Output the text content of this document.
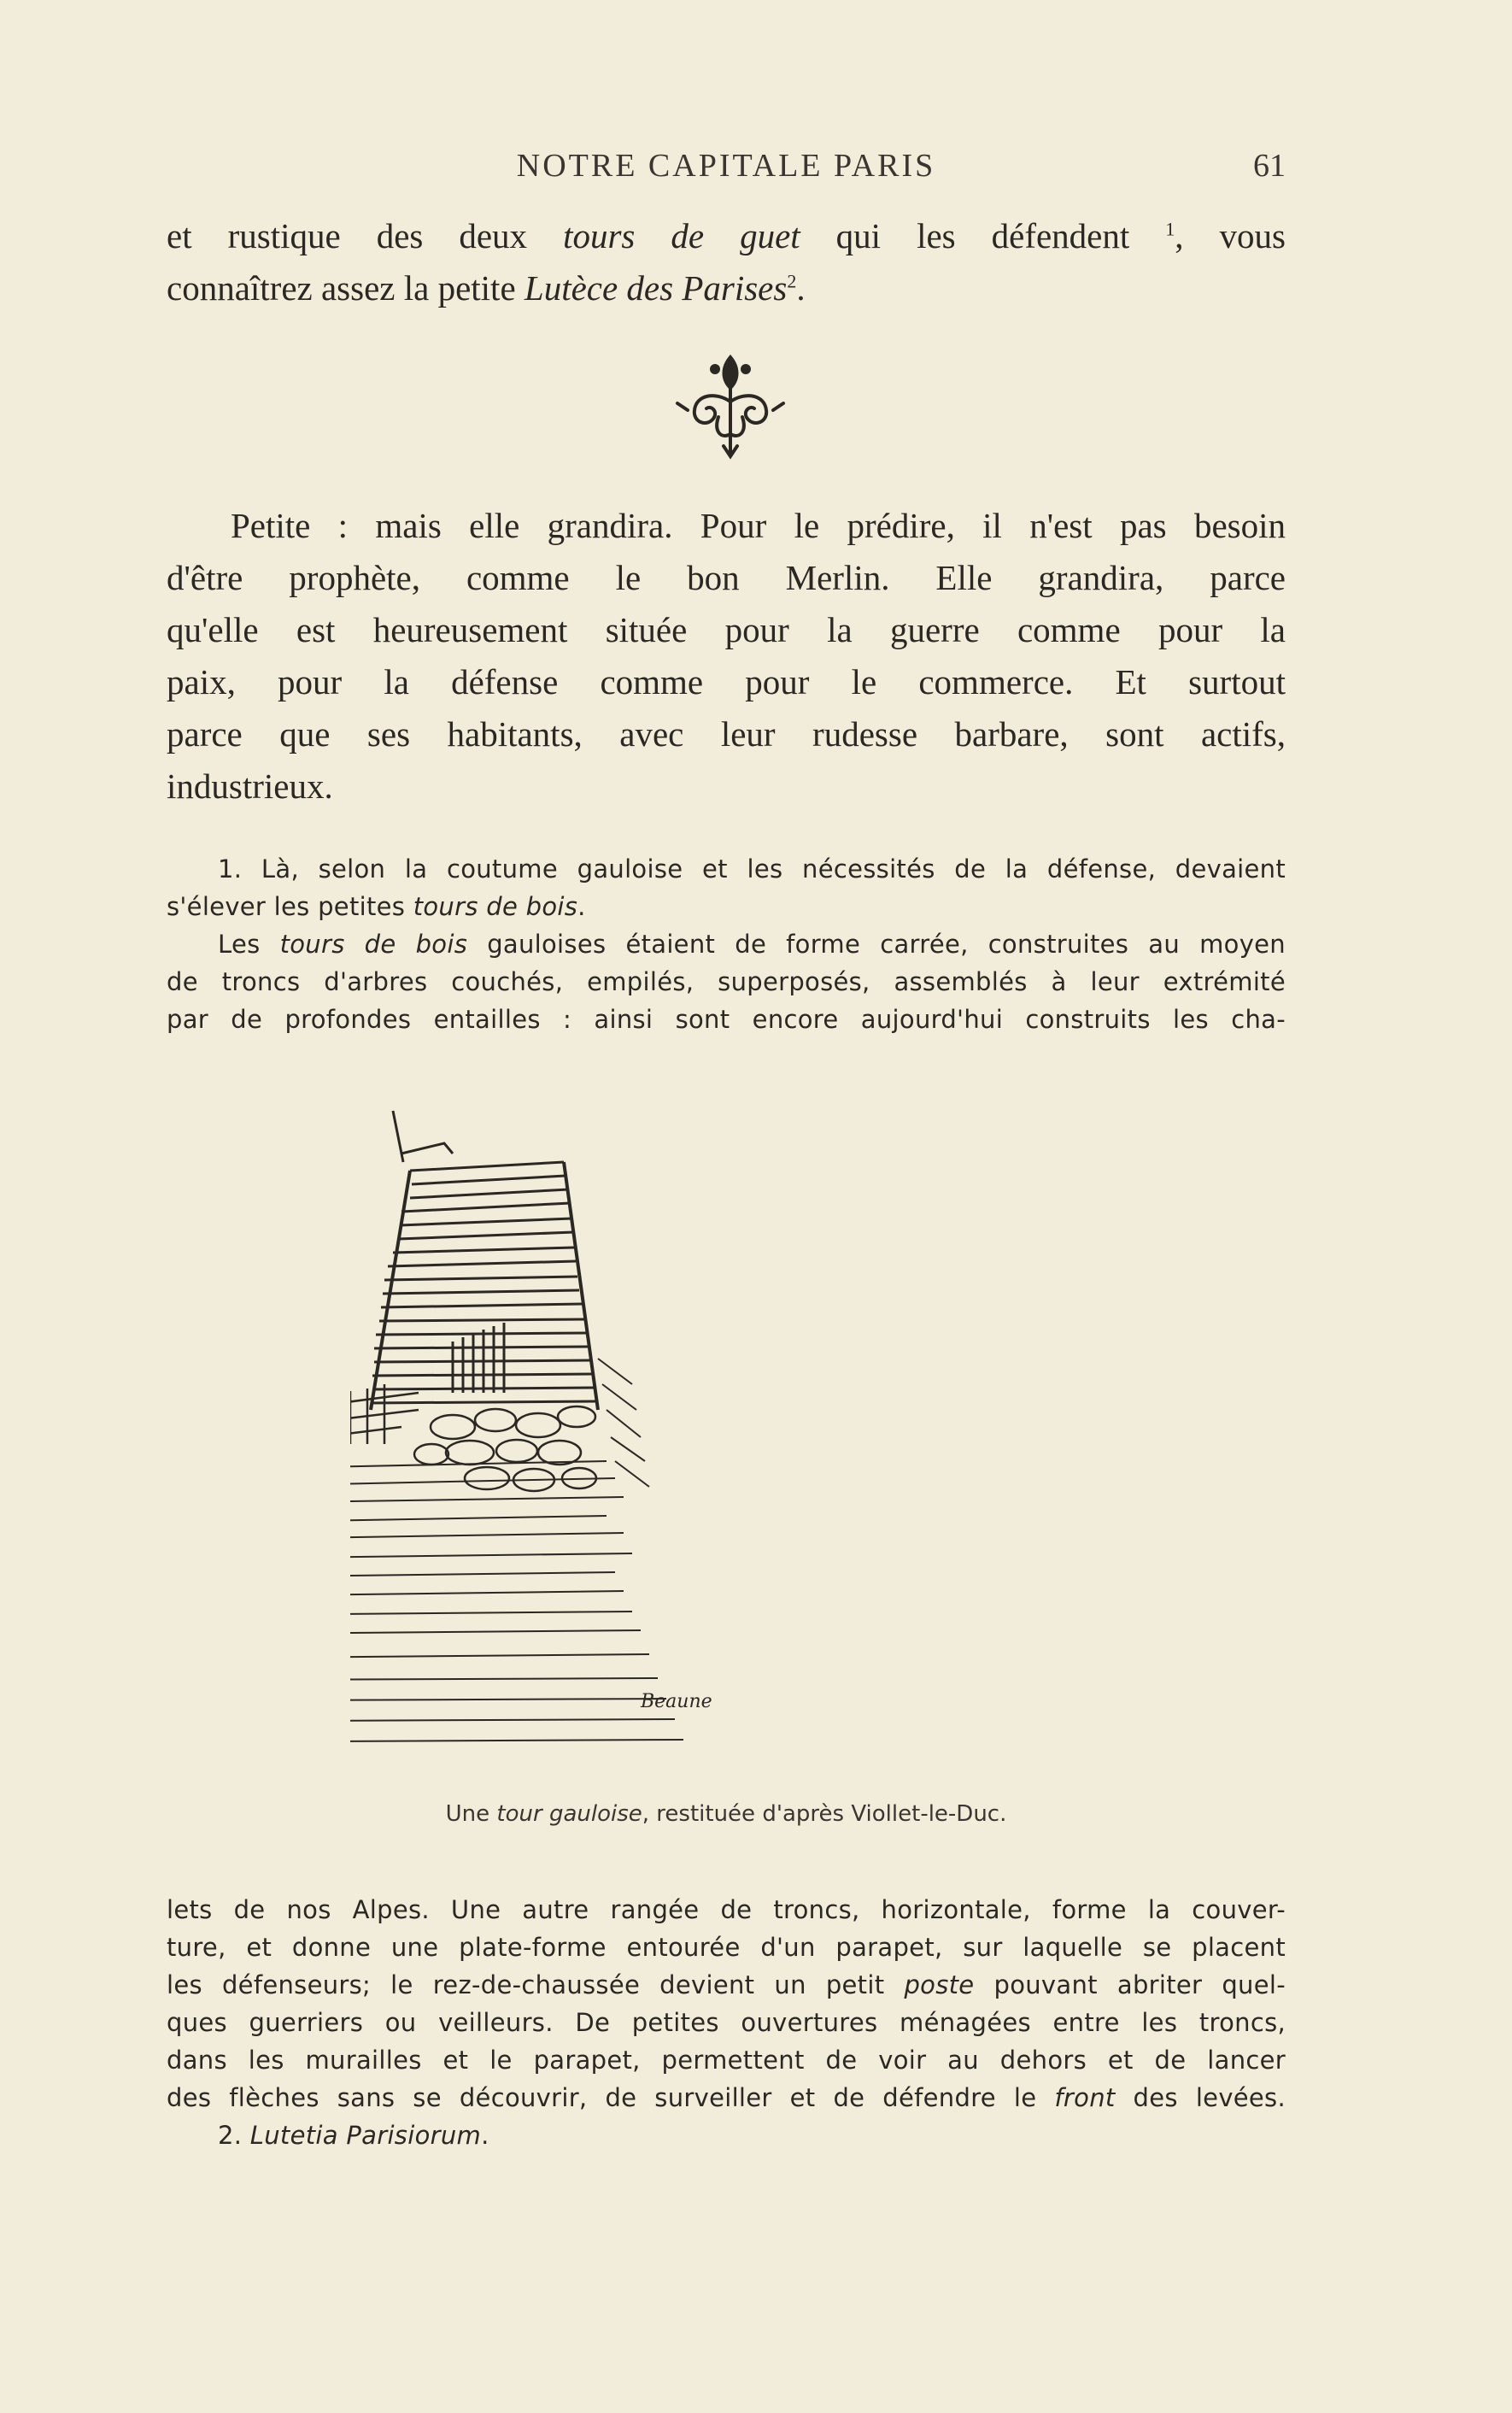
NOTRE CAPITALE PARIS	61
et rustique des deux tours de guet qui les défendent $^1$, vous
connaîtrez assez la petite Lutèce des Parises$^2$.
Petite : mais elle grandira. Pour le prédire, il n'est pas besoin
d'être prophète, comme le bon Merlin. Elle grandira, parce
qu'elle est heureusement située pour la guerre comme pour la
paix, pour la défense comme pour le commerce. Et surtout
parce que ses habitants, avec leur rudesse barbare, sont actifs,
industrieux.
1. Là, selon la coutume gauloise et les nécessités de la défense, devaient
s'élever les petites tours de bois.
Les tours de bois gauloises étaient de forme carrée, construites au moyen
de troncs d'arbres couchés, empilés, superposés, assemblés à leur extrémité
par de profondes entailles : ainsi sont encore aujourd'hui construits les cha-
Beaune
Une tour gauloise, restituée d'après Viollet-le-Duc.
lets de nos Alpes. Une autre rangée de troncs, horizontale, forme la couver-
ture, et donne une plate-forme entourée d'un parapet, sur laquelle se placent
les défenseurs; le rez-de-chaussée devient un petit poste pouvant abriter quel-
ques guerriers ou veilleurs. De petites ouvertures ménagées entre les troncs,
dans les murailles et le parapet, permettent de voir au dehors et de lancer
des flèches sans se découvrir, de surveiller et de défendre le front des levées.
2. Lutetia Parisiorum.
